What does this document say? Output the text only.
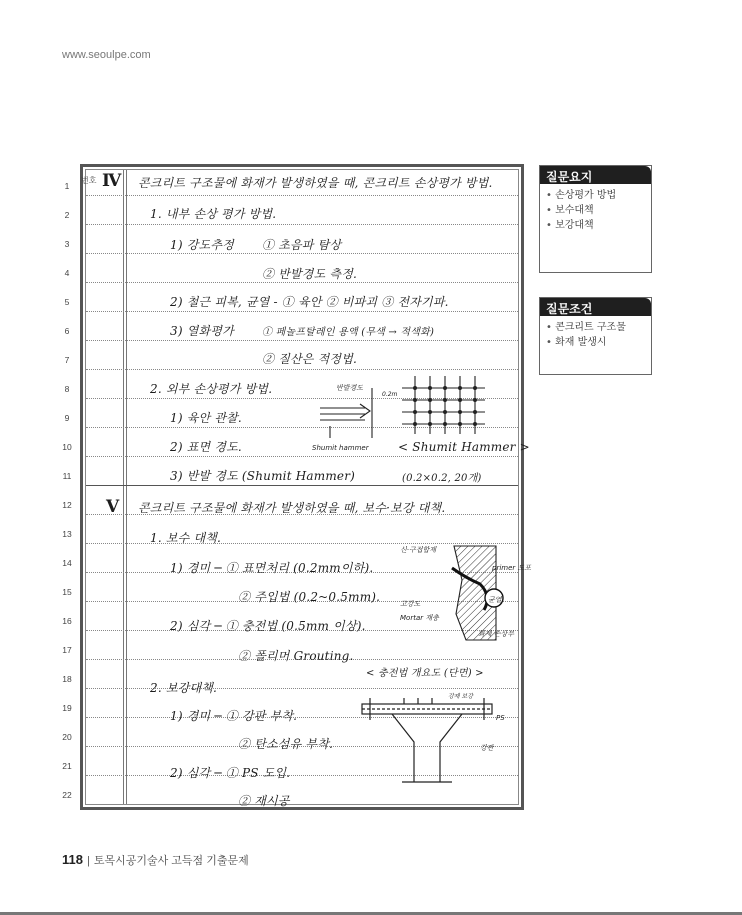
www.seoulpe.com
번호
1
2
3
4
5
6
7
8
9
10
11
12
13
14
15
16
17
18
19
20
21
22
Ⅳ 콘크리트 구조물에 화재가 발생하였을 때, 콘크리트 손상평가 방법.
1. 내부 손상 평가 방법.
1) 강도추정 ① 초음파 탐상
② 반발경도 측정.
2) 철근 피복, 균열 - ① 육안 ② 비파괴 ③ 전자기파.
3) 열화평가	① 페놀프탈레인 용액 (무색 → 적색화)
② 질산은 적정법.
2. 외부 손상평가 방법.
1) 육안 관찰.
2) 표면 경도.	< Shumit Hammer >
3) 반발 경도 (Shumit Hammer)	(0.2×0.2, 20개)
Ⅴ 콘크리트 구조물에 화재가 발생하였을 때, 보수·보강 대책.
1. 보수 대책.
1) 경미 ─ ① 표면처리 (0.2mm이하).
② 주입법 (0.2~0.5mm).
2) 심각 ─ ① 충전법 (0.5mm 이상).
② 폴리머 Grouting.
< 충전법 개요도 (단면) >
2. 보강대책.
1) 경미 ─ ① 강판 부착.
② 탄소섬유 부착.
2) 심각 ─ ① PS 도입.
② 재시공
반발경도
0.2m
Shumit hammer
신·구접합제
primer 도포
고강도
Mortar 재충
균열
화재 손상부
강재 보강
PS
강판
질문요지
• 손상평가 방법
• 보수대책
• 보강대책
질문조건
• 콘크리트 구조물
• 화재 발생시
118 | 토목시공기술사 고득점 기출문제
